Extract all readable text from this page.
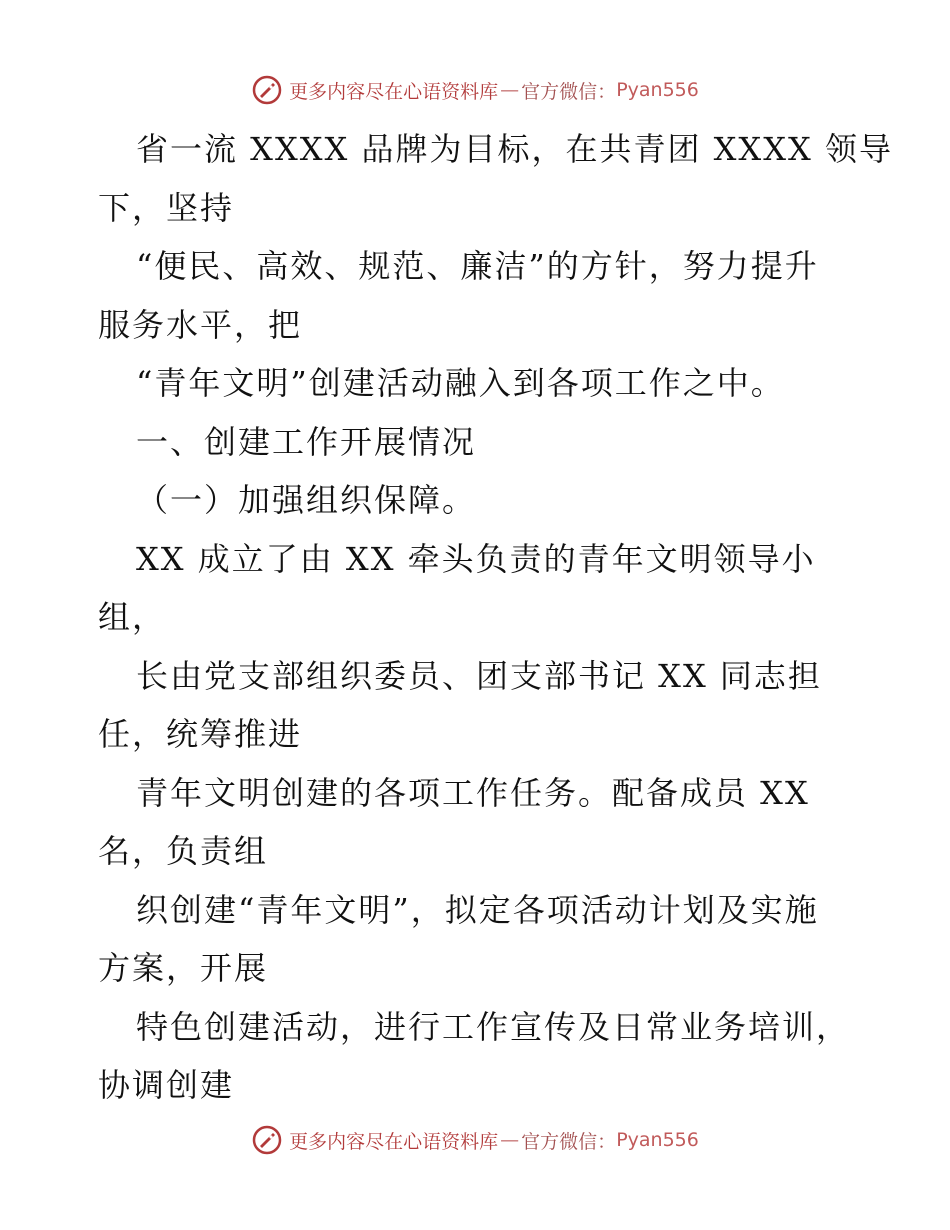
更多内容尽在心语资料库 — 官方微信： Pyan556
省一流 XXXX 品牌为目标，在共青团 XXXX 领导
下，坚持
“便民、高效、规范、廉洁”的方针，努力提升
服务水平，把
“青年文明”创建活动融入到各项工作之中。
一、创建工作开展情况
（一）加强组织保障。
XX 成立了由 XX 牵头负责的青年文明领导小
组，
长由党支部组织委员、团支部书记 XX 同志担
任，统筹推进
青年文明创建的各项工作任务。配备成员 XX
名，负责组
织创建“青年文明”，拟定各项活动计划及实施
方案，开展
特色创建活动，进行工作宣传及日常业务培训，
协调创建
更多内容尽在心语资料库 — 官方微信： Pyan556
